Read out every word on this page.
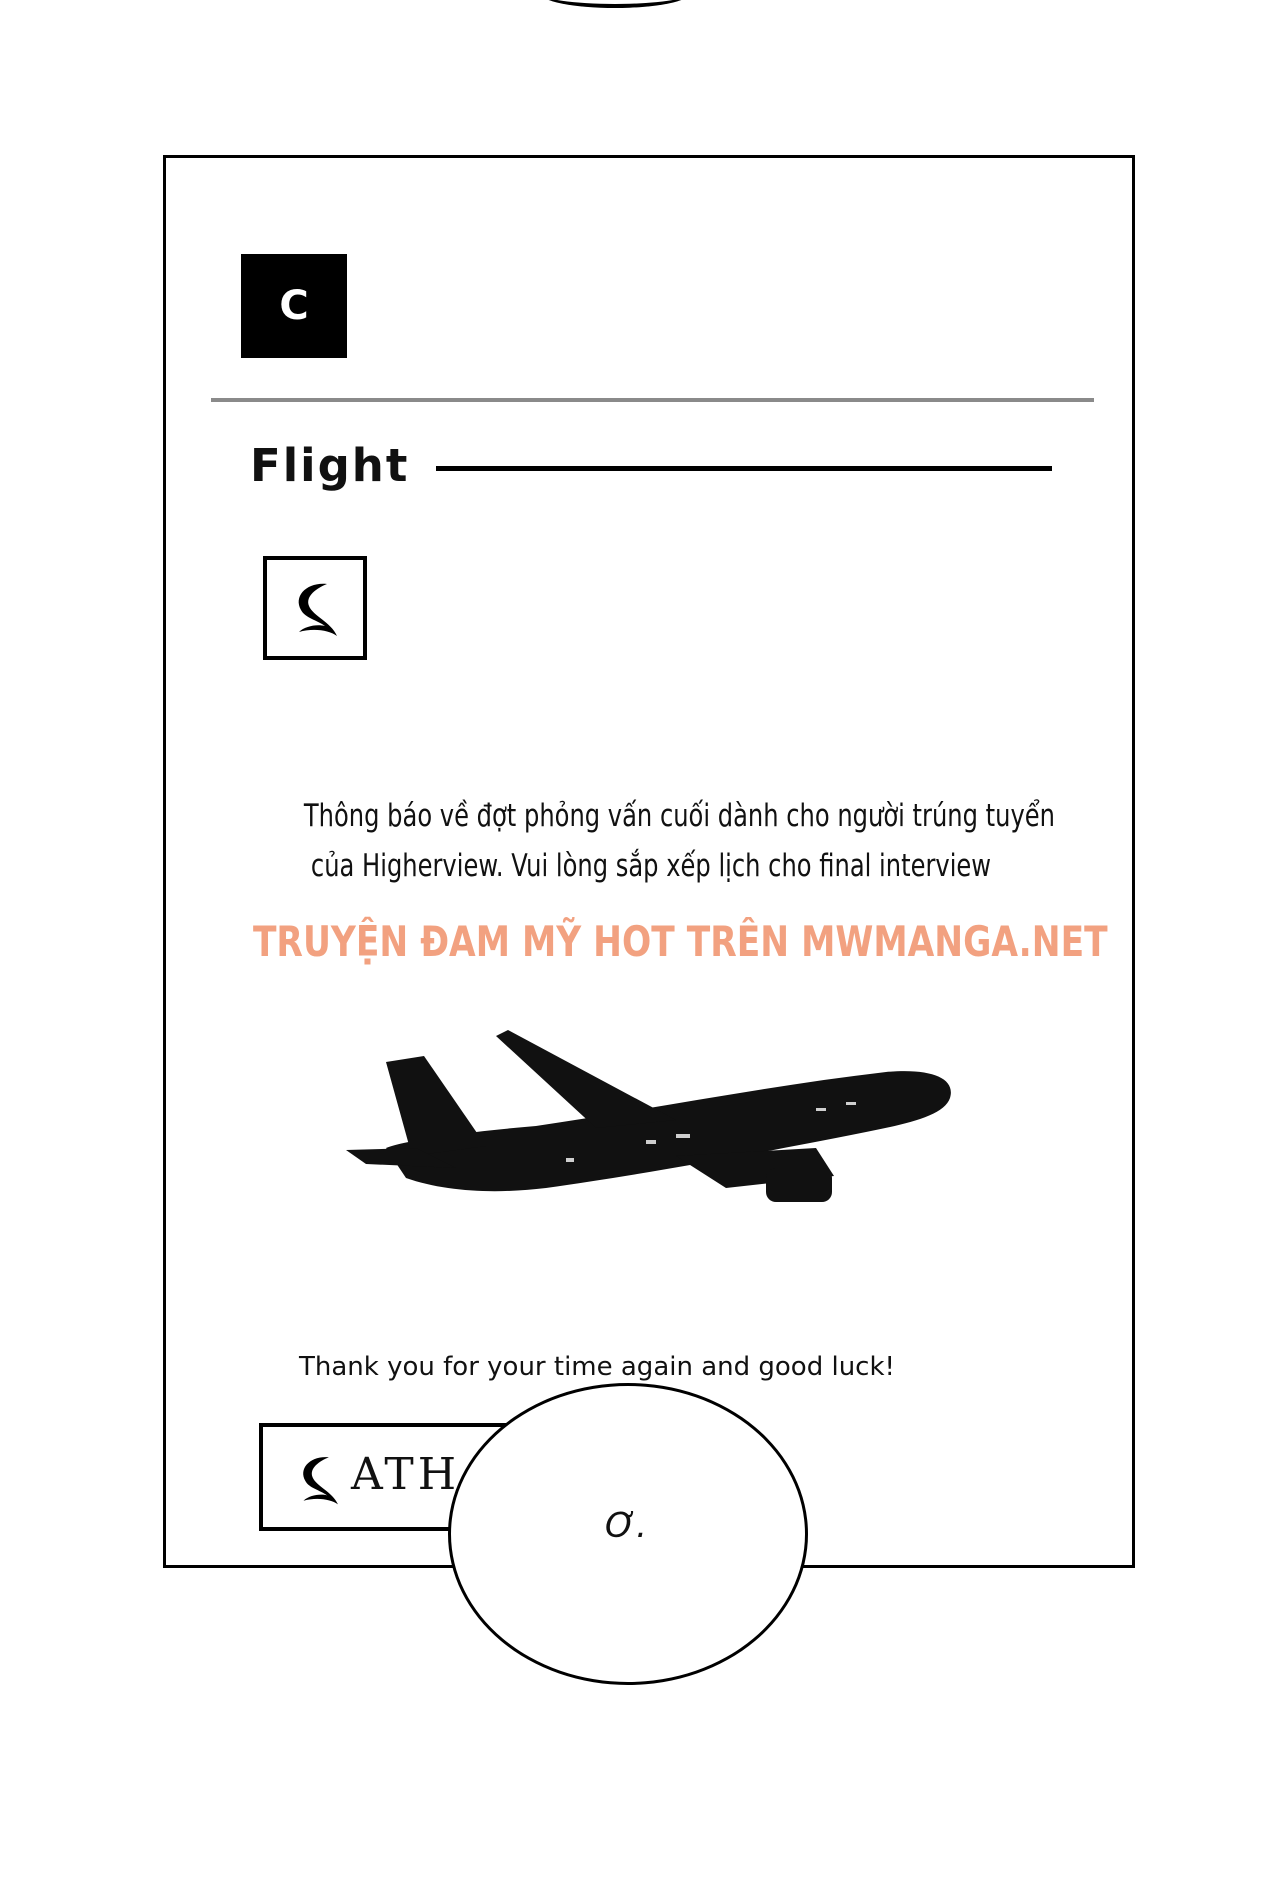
C
Flight
Thông báo về đợt phỏng vấn cuối dành cho người trúng tuyển
của Higherview. Vui lòng sắp xếp lịch cho final interview
TRUYỆN ĐAM MỸ HOT TRÊN MWMANGA.NET
Thank you for your time again and good luck!
ATH
Ơ.
